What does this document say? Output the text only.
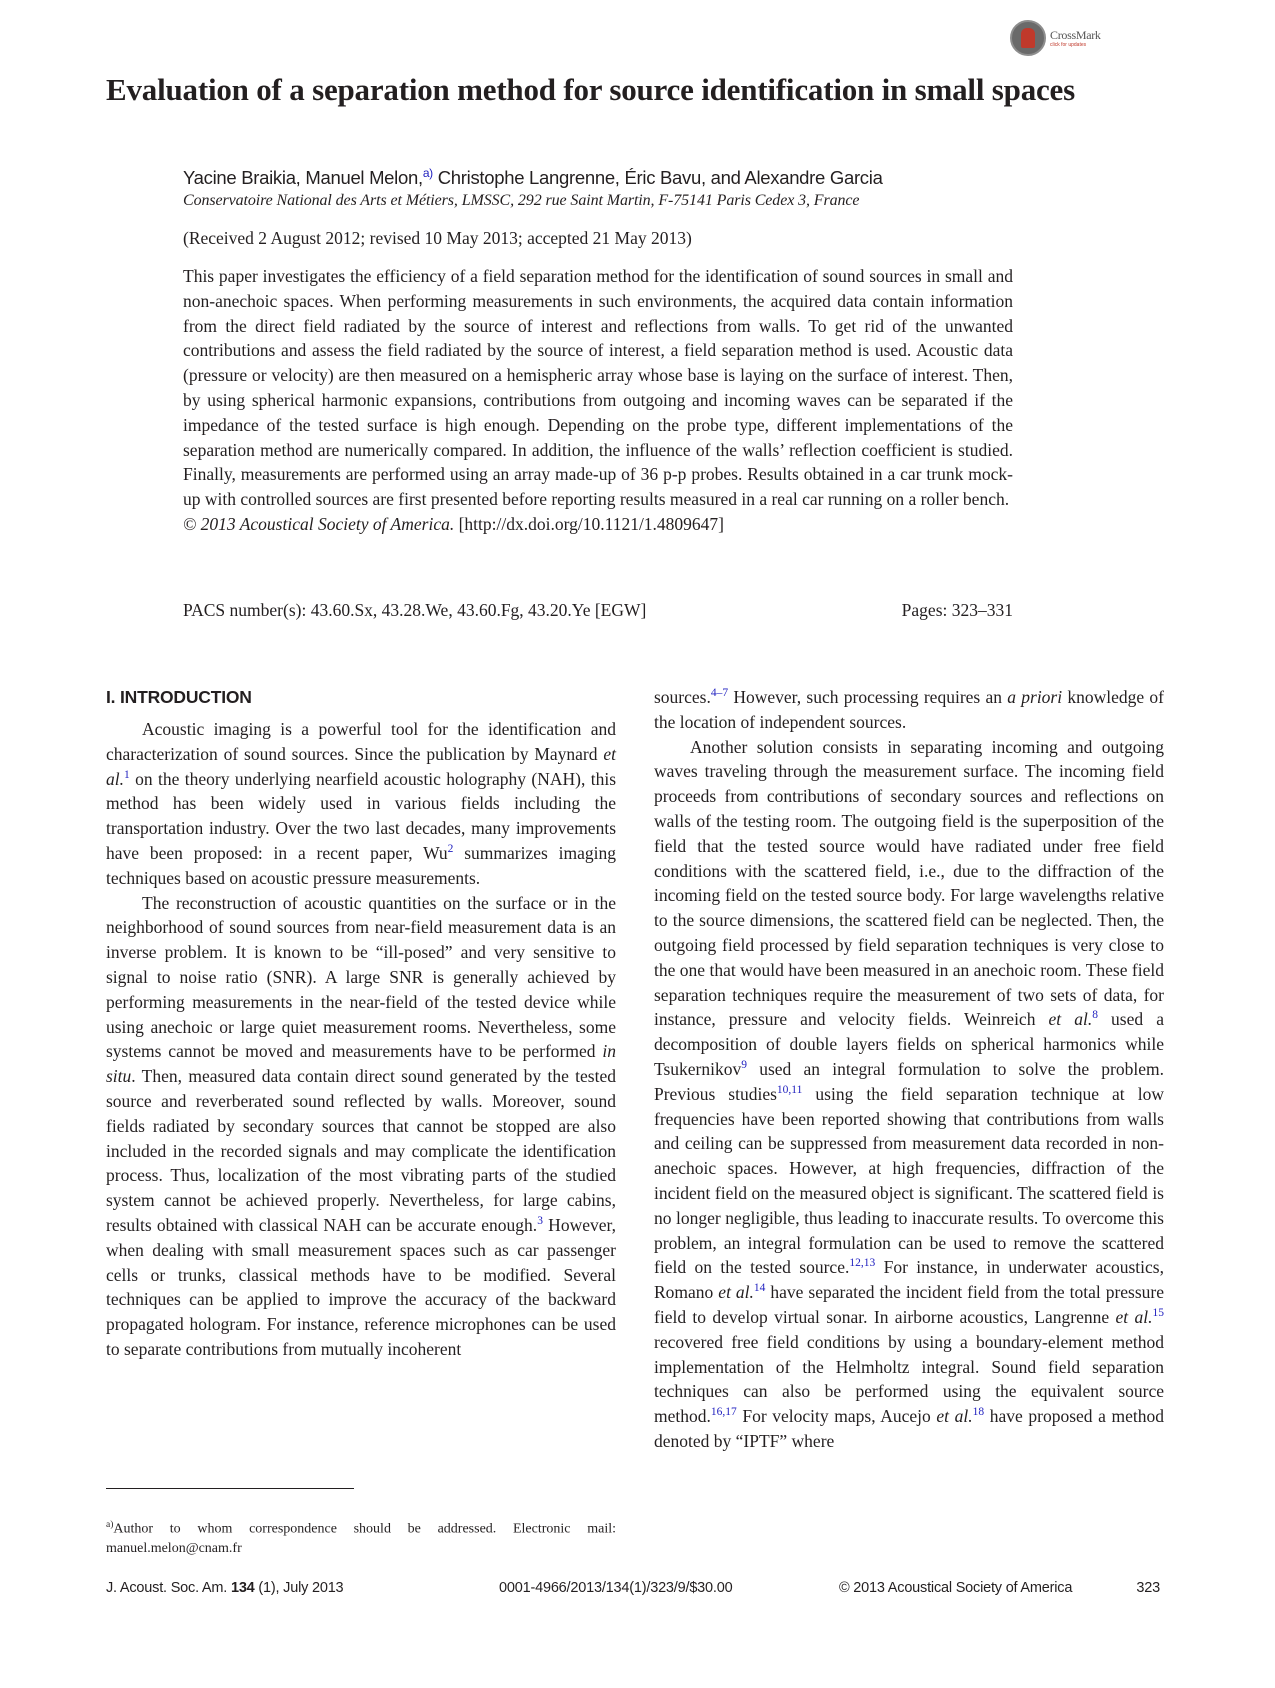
CrossMark
click for updates
Evaluation of a separation method for source identification in small spaces
Yacine Braikia, Manuel Melon,$^{a)}$ Christophe Langrenne, Éric Bavu, and Alexandre Garcia
Conservatoire National des Arts et Métiers, LMSSC, 292 rue Saint Martin, F-75141 Paris Cedex 3, France
(Received 2 August 2012; revised 10 May 2013; accepted 21 May 2013)

This paper investigates the efficiency of a field separation method for the identification of sound sources in small and non-anechoic spaces. When performing measurements in such environments, the acquired data contain information from the direct field radiated by the source of interest and reflections from walls. To get rid of the unwanted contributions and assess the field radiated by the source of interest, a field separation method is used. Acoustic data (pressure or velocity) are then measured on a hemispheric array whose base is laying on the surface of interest. Then, by using spherical harmonic expansions, contributions from outgoing and incoming waves can be separated if the impedance of the tested surface is high enough. Depending on the probe type, different implementations of the separation method are numerically compared. In addition, the influence of the walls’ reflection coefficient is studied. Finally, measurements are performed using an array made-up of 36 p-p probes. Results obtained in a car trunk mock-up with controlled sources are first presented before reporting results measured in a real car running on a roller bench.
© 2013 Acoustical Society of America. [http://dx.doi.org/10.1121/1.4809647]

PACS number(s): 43.60.Sx, 43.28.We, 43.60.Fg, 43.20.Ye [EGW]	Pages: 323–331
I. INTRODUCTION

Acoustic imaging is a powerful tool for the identification and characterization of sound sources. Since the publication by Maynard et al.$^1$ on the theory underlying nearfield acoustic holography (NAH), this method has been widely used in various fields including the transportation industry. Over the two last decades, many improvements have been proposed: in a recent paper, Wu$^2$ summarizes imaging techniques based on acoustic pressure measurements.

The reconstruction of acoustic quantities on the surface or in the neighborhood of sound sources from near-field measurement data is an inverse problem. It is known to be “ill-posed” and very sensitive to signal to noise ratio (SNR). A large SNR is generally achieved by performing measurements in the near-field of the tested device while using anechoic or large quiet measurement rooms. Nevertheless, some systems cannot be moved and measurements have to be performed in situ. Then, measured data contain direct sound generated by the tested source and reverberated sound reflected by walls. Moreover, sound fields radiated by secondary sources that cannot be stopped are also included in the recorded signals and may complicate the identification process. Thus, localization of the most vibrating parts of the studied system cannot be achieved properly. Nevertheless, for large cabins, results obtained with classical NAH can be accurate enough.$^3$ However, when dealing with small measurement spaces such as car passenger cells or trunks, classical methods have to be modified. Several techniques can be applied to improve the accuracy of the backward propagated hologram. For instance, reference microphones can be used to separate contributions from mutually incoherent

sources.$^{4-7}$ However, such processing requires an a priori knowledge of the location of independent sources.

Another solution consists in separating incoming and outgoing waves traveling through the measurement surface. The incoming field proceeds from contributions of secondary sources and reflections on walls of the testing room. The outgoing field is the superposition of the field that the tested source would have radiated under free field conditions with the scattered field, i.e., due to the diffraction of the incoming field on the tested source body. For large wavelengths relative to the source dimensions, the scattered field can be neglected. Then, the outgoing field processed by field separation techniques is very close to the one that would have been measured in an anechoic room. These field separation techniques require the measurement of two sets of data, for instance, pressure and velocity fields. Weinreich et al.$^8$ used a decomposition of double layers fields on spherical harmonics while Tsukernikov$^9$ used an integral formulation to solve the problem. Previous studies$^{10,11}$ using the field separation technique at low frequencies have been reported showing that contributions from walls and ceiling can be suppressed from measurement data recorded in non-anechoic spaces. However, at high frequencies, diffraction of the incident field on the measured object is significant. The scattered field is no longer negligible, thus leading to inaccurate results. To overcome this problem, an integral formulation can be used to remove the scattered field on the tested source.$^{12,13}$ For instance, in underwater acoustics, Romano et al.$^{14}$ have separated the incident field from the total pressure field to develop virtual sonar. In airborne acoustics, Langrenne et al.$^{15}$ recovered free field conditions by using a boundary-element method implementation of the Helmholtz integral. Sound field separation techniques can also be performed using the equivalent source method.$^{16,17}$ For velocity maps, Aucejo et al.$^{18}$ have proposed a method denoted by “IPTF” where

$^{a)}$Author to whom correspondence should be addressed. Electronic mail: manuel.melon@cnam.fr
J. Acoust. Soc. Am. 134 (1), July 2013	0001-4966/2013/134(1)/323/9/$30.00	© 2013 Acoustical Society of America	323
